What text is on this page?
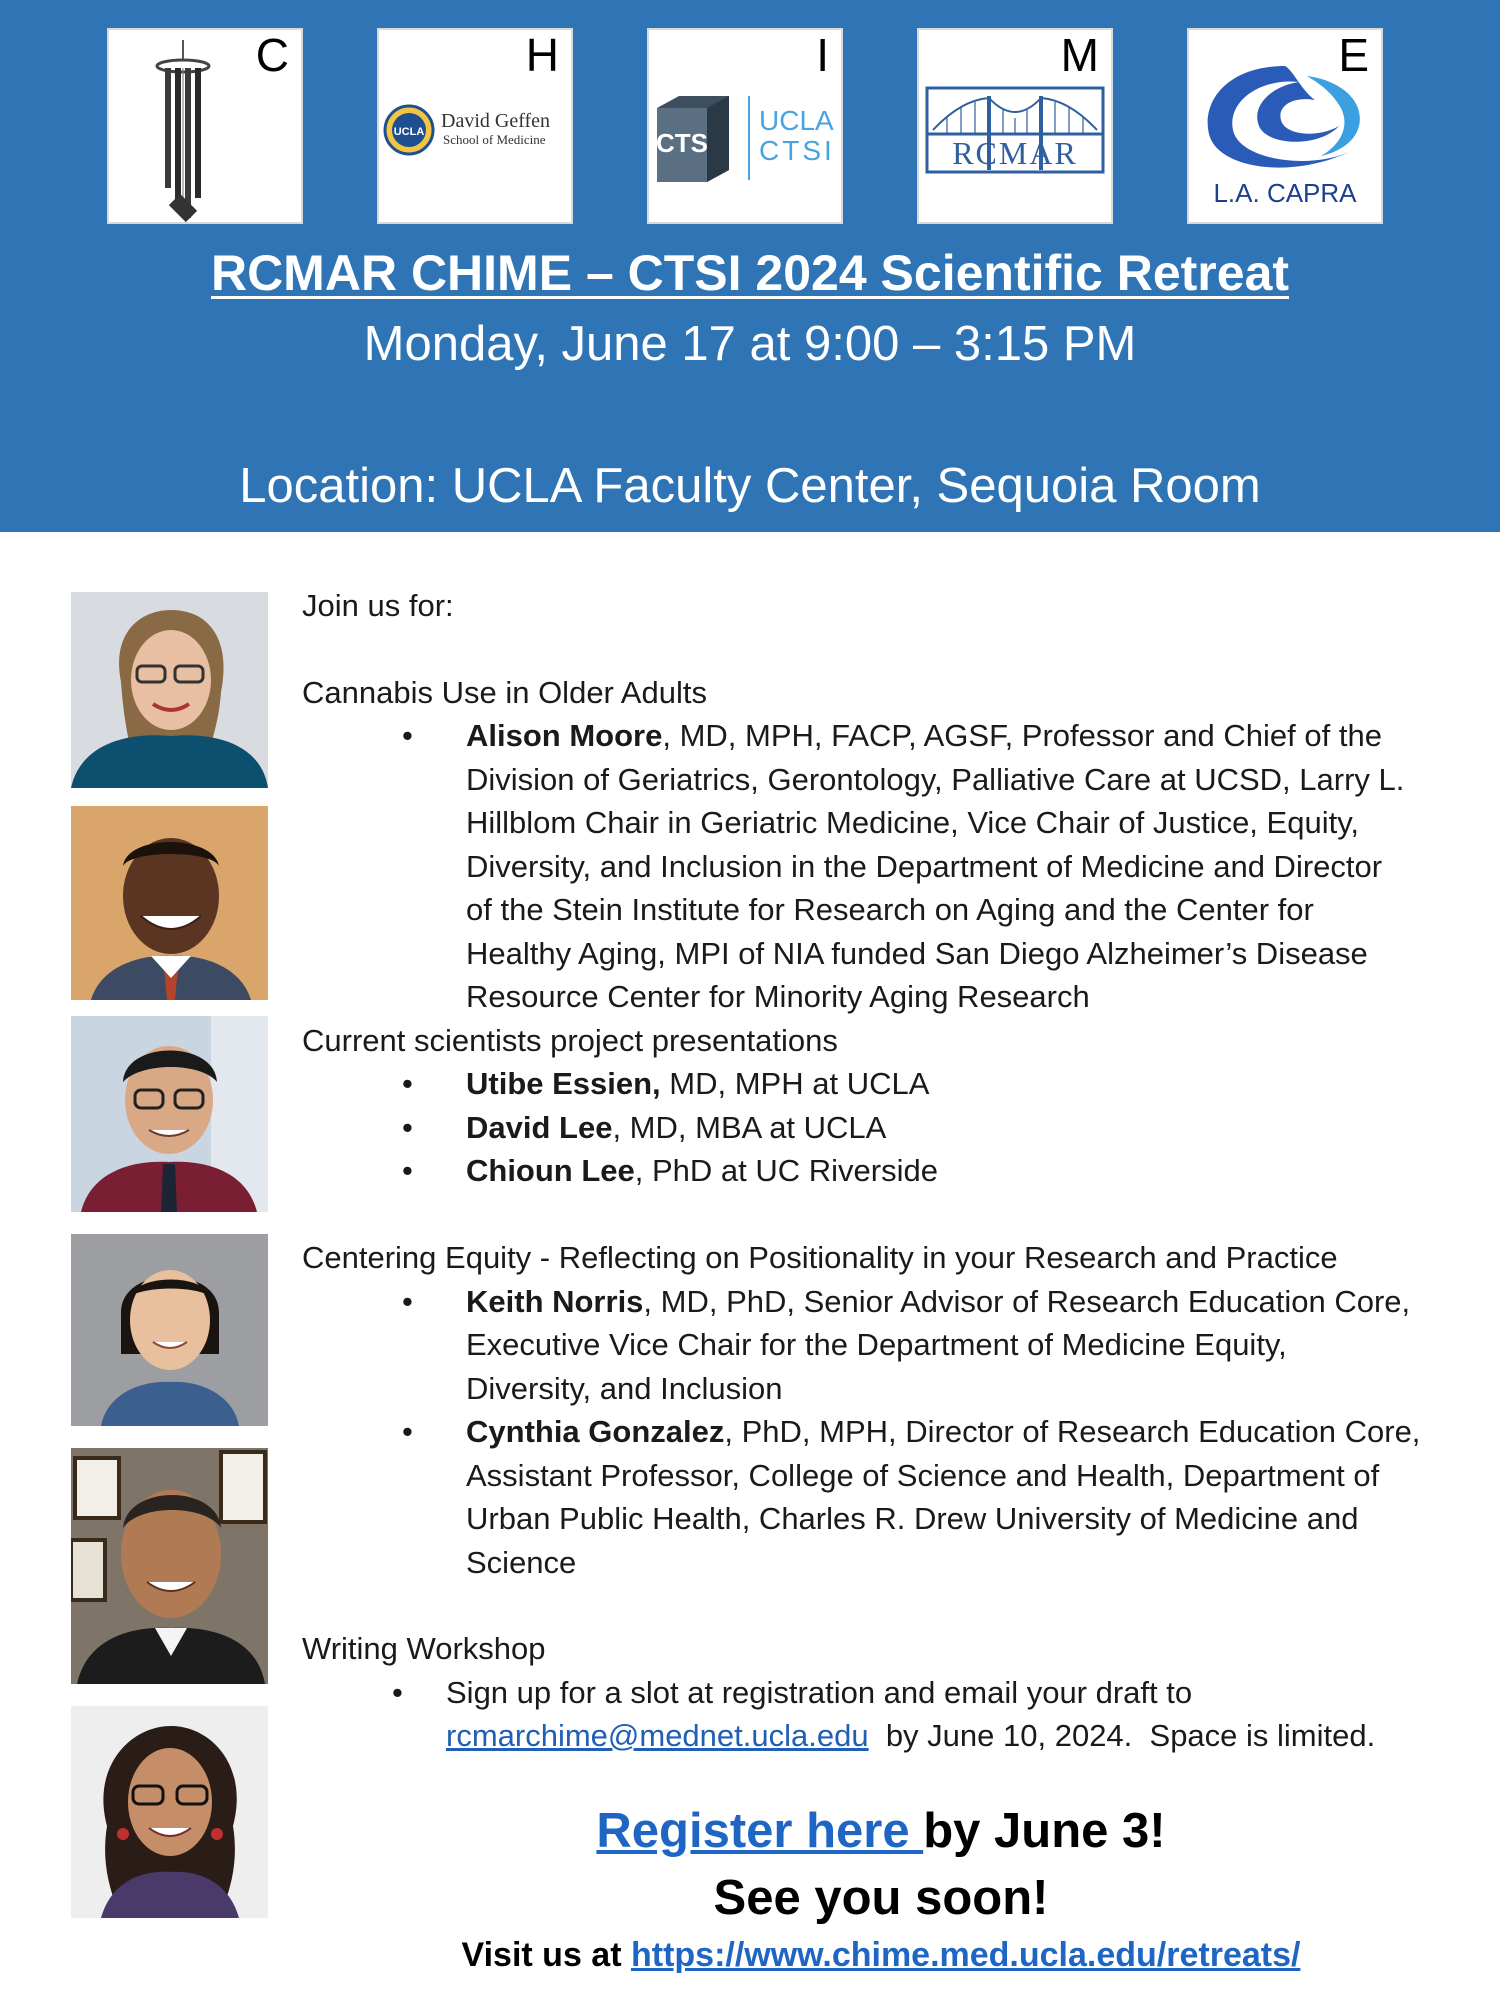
C
UCLA David Geffen
School of Medicine
H
CTS
UCLA
CTSI
I
RCMAR
M
L.A. CAPRA
E
RCMAR CHIME – CTSI 2024 Scientific Retreat
Monday, June 17 at 9:00 – 3:15 PM
Location: UCLA Faculty Center, Sequoia Room
Join us for:
Cannabis Use in Older Adults
• Alison Moore, MD, MPH, FACP, AGSF, Professor and Chief of the
Division of Geriatrics, Gerontology, Palliative Care at UCSD, Larry L.
Hillblom Chair in Geriatric Medicine, Vice Chair of Justice, Equity,
Diversity, and Inclusion in the Department of Medicine and Director
of the Stein Institute for Research on Aging and the Center for
Healthy Aging, MPI of NIA funded San Diego Alzheimer’s Disease
Resource Center for Minority Aging Research
Current scientists project presentations
• Utibe Essien, MD, MPH at UCLA
• David Lee, MD, MBA at UCLA
• Chioun Lee, PhD at UC Riverside
Centering Equity - Reflecting on Positionality in your Research and Practice
• Keith Norris, MD, PhD, Senior Advisor of Research Education Core,
Executive Vice Chair for the Department of Medicine Equity,
Diversity, and Inclusion
• Cynthia Gonzalez, PhD, MPH, Director of Research Education Core,
Assistant Professor, College of Science and Health, Department of
Urban Public Health, Charles R. Drew University of Medicine and
Science
Writing Workshop
• Sign up for a slot at registration and email your draft to
rcmarchime@mednet.ucla.edu  by June 10, 2024.  Space is limited.
Register here by June 3!
See you soon!
Visit us at https://www.chime.med.ucla.edu/retreats/
